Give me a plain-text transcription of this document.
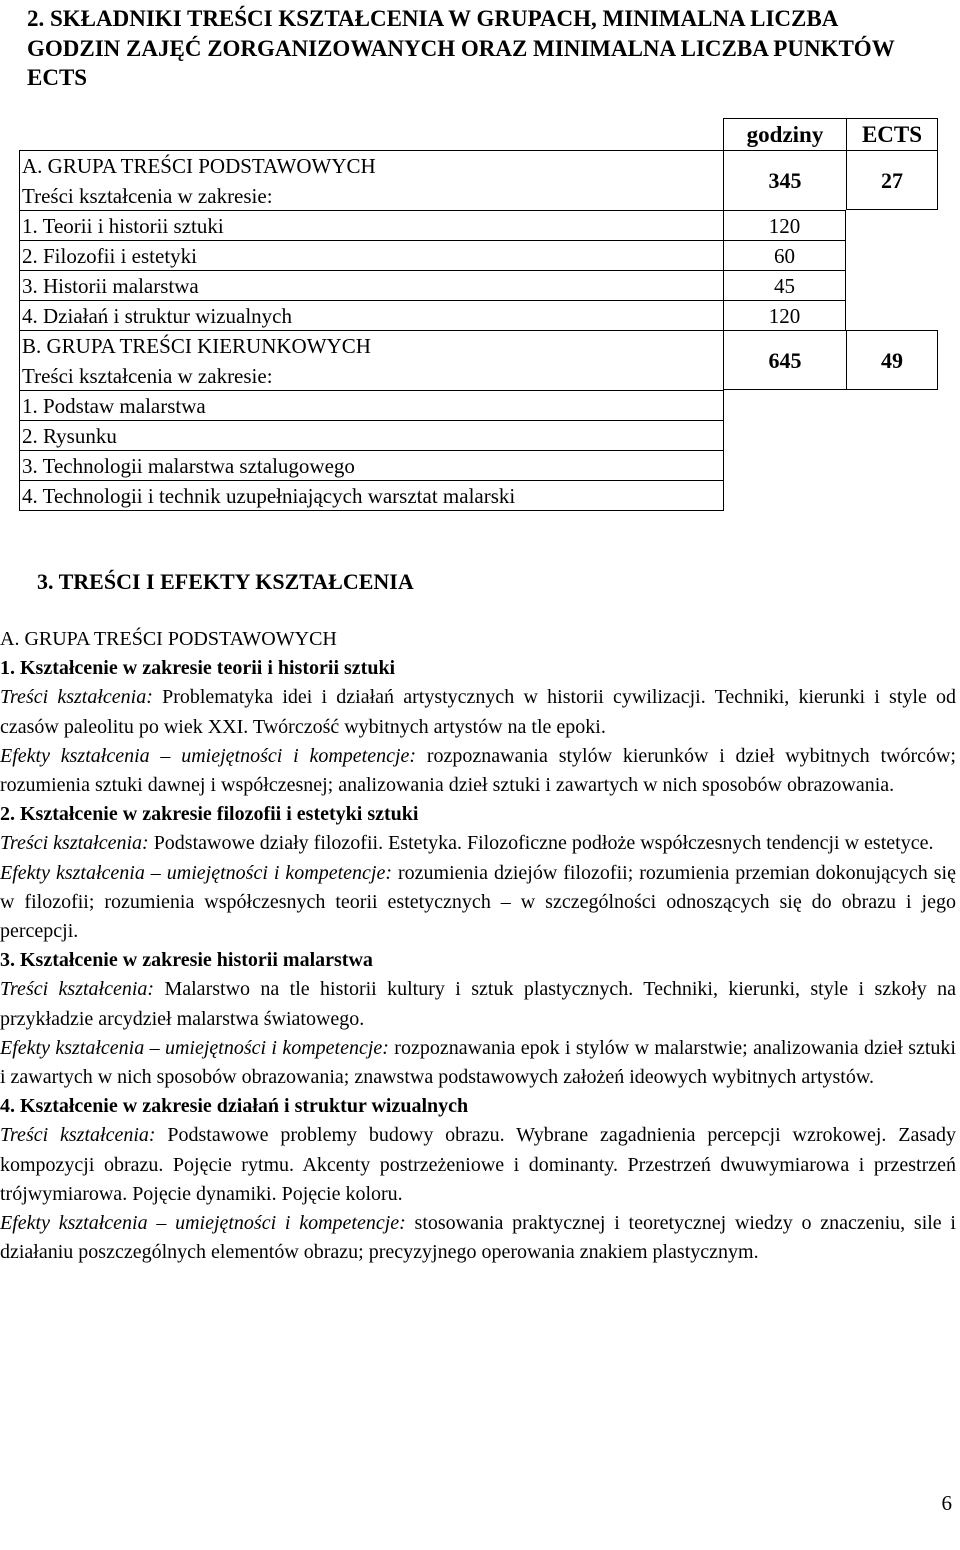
2. SKŁADNIKI TREŚCI KSZTAŁCENIA W GRUPACH, MINIMALNA LICZBA GODZIN ZAJĘĆ ZORGANIZOWANYCH ORAZ MINIMALNA LICZBA PUNKTÓW ECTS
godziny	ECTS
A. GRUPA TREŚCI PODSTAWOWYCH
Treści kształcenia w zakresie:
345	27
1. Teorii i historii sztuki	120
2. Filozofii i estetyki	60
3. Historii malarstwa	45
4. Działań i struktur wizualnych	120
B. GRUPA TREŚCI KIERUNKOWYCH
Treści kształcenia w zakresie:
645	49
1. Podstaw malarstwa
2. Rysunku
3. Technologii malarstwa sztalugowego
4. Technologii i technik uzupełniających warsztat malarski
3. TREŚCI I EFEKTY KSZTAŁCENIA

A. GRUPA TREŚCI PODSTAWOWYCH

1. Kształcenie w zakresie teorii i historii sztuki

Treści kształcenia: Problematyka idei i działań artystycznych w historii cywilizacji. Techniki, kierunki i style od czasów paleolitu po wiek XXI. Twórczość wybitnych artystów na tle epoki.

Efekty kształcenia – umiejętności i kompetencje: rozpoznawania stylów kierunków i dzieł wybitnych twórców; rozumienia sztuki dawnej i współczesnej; analizowania dzieł sztuki i zawartych w nich sposobów obrazowania.

2. Kształcenie w zakresie filozofii i estetyki sztuki

Treści kształcenia: Podstawowe działy filozofii. Estetyka. Filozoficzne podłoże współczesnych tendencji w estetyce.

Efekty kształcenia – umiejętności i kompetencje: rozumienia dziejów filozofii; rozumienia przemian dokonujących się w filozofii; rozumienia współczesnych teorii estetycznych – w szczególności odnoszących się do obrazu i jego percepcji.

3. Kształcenie w zakresie historii malarstwa

Treści kształcenia: Malarstwo na tle historii kultury i sztuk plastycznych. Techniki, kierunki, style i szkoły na przykładzie arcydzieł malarstwa światowego.

Efekty kształcenia – umiejętności i kompetencje: rozpoznawania epok i stylów w malarstwie; analizowania dzieł sztuki i zawartych w nich sposobów obrazowania; znawstwa podstawowych założeń ideowych wybitnych artystów.

4. Kształcenie w zakresie działań i struktur wizualnych

Treści kształcenia: Podstawowe problemy budowy obrazu. Wybrane zagadnienia percepcji wzrokowej. Zasady kompozycji obrazu. Pojęcie rytmu. Akcenty postrzeżeniowe i dominanty. Przestrzeń dwuwymiarowa i przestrzeń trójwymiarowa. Pojęcie dynamiki. Pojęcie koloru.

Efekty kształcenia – umiejętności i kompetencje: stosowania praktycznej i teoretycznej wiedzy o znaczeniu, sile i działaniu poszczególnych elementów obrazu; precyzyjnego operowania znakiem plastycznym.

6
